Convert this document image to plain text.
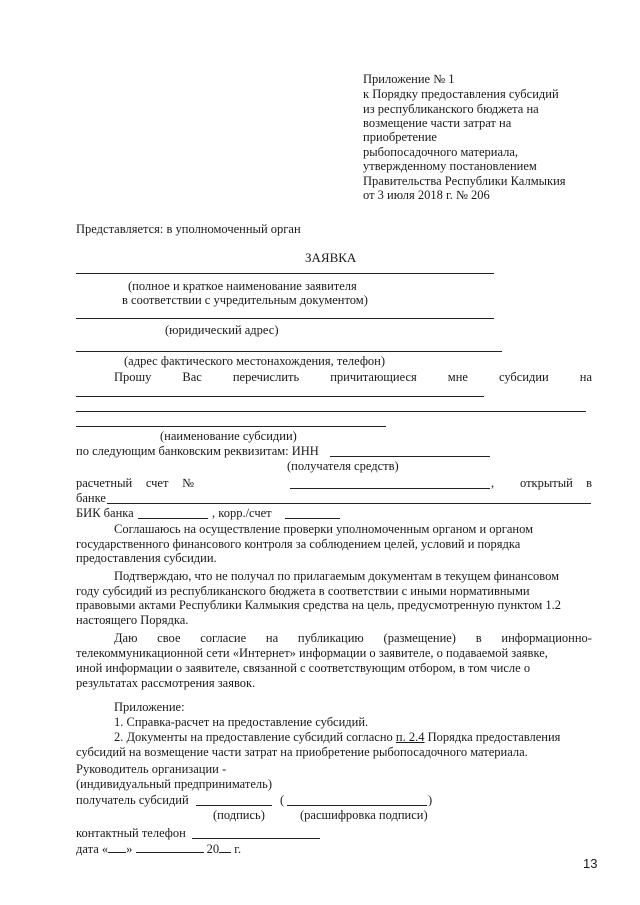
Приложение № 1
к Порядку предоставления субсидий
из республиканского бюджета на
возмещение части затрат на
приобретение
рыбопосадочного материала,
утвержденному постановлением
Правительства Республики Калмыкия
от 3 июля 2018 г. № 206
Представляется: в уполномоченный орган
ЗАЯВКА
(полное и краткое наименование заявителя
в соответствии с учредительным документом)
(юридический адрес)
(адрес фактического местонахождения, телефон)
Прошу Вас перечислить причитающиеся мне субсидии на
(наименование субсидии)
по следующим банковским реквизитам: ИНН
(получателя средств)
расчетный счет №	, открытый в
банке
БИК банка	, корр./счет
Соглашаюсь на осуществление проверки уполномоченным органом и органом
государственного финансового контроля за соблюдением целей, условий и порядка
предоставления субсидии.
Подтверждаю, что не получал по прилагаемым документам в текущем финансовом
году субсидий из республиканского бюджета в соответствии с иными нормативными
правовыми актами Республики Калмыкия средства на цель, предусмотренную пунктом 1.2
настоящего Порядка.
Даю свое согласие на публикацию (размещение) в информационно-
телекоммуникационной сети «Интернет» информации о заявителе, о подаваемой заявке,
иной информации о заявителе, связанной с соответствующим отбором, в том числе о
результатах рассмотрения заявок.
Приложение:
1. Справка-расчет на предоставление субсидий.
2. Документы на предоставление субсидий согласно п. 2.4 Порядка предоставления
субсидий на возмещение части затрат на приобретение рыбопосадочного материала.
Руководитель организации -
(индивидуальный предприниматель)
получатель субсидий	(	)
(подпись)	(расшифровка подписи)
контактный телефон
дата « »	20 г.
13
